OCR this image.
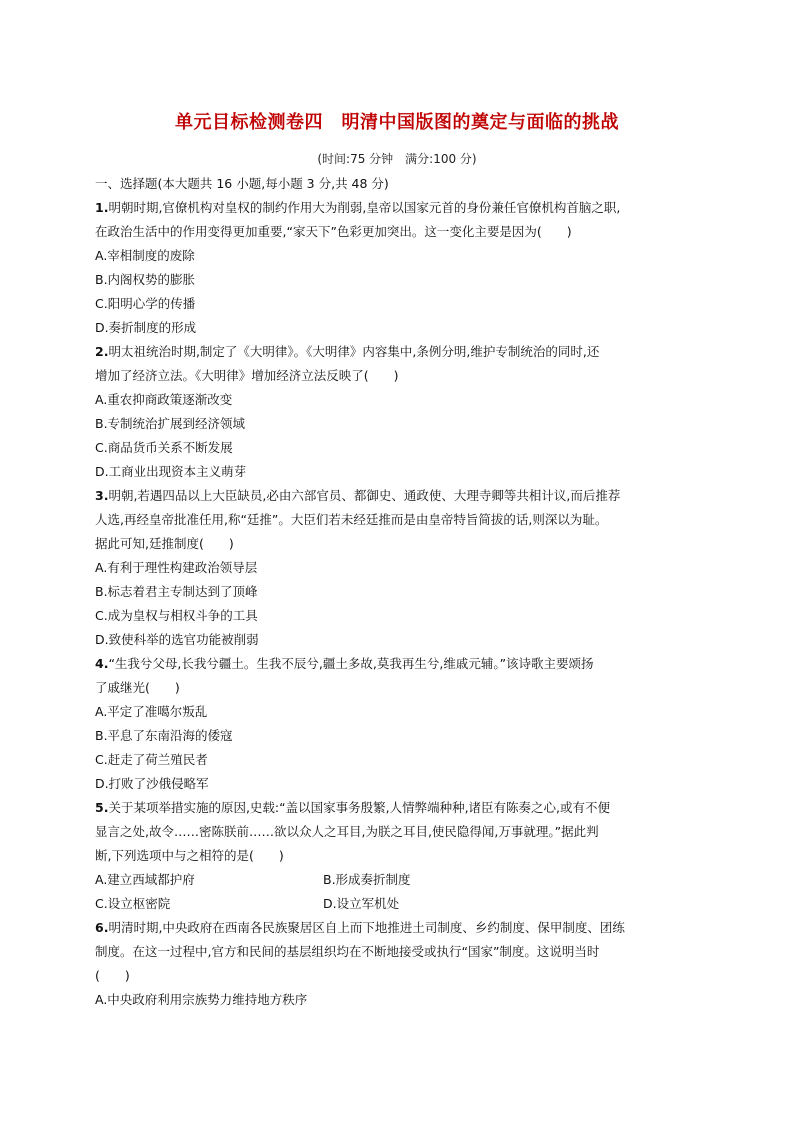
单元目标检测卷四　明清中国版图的奠定与面临的挑战
(时间:75 分钟　满分:100 分)
一、选择题(本大题共 16 小题,每小题 3 分,共 48 分)
1.明朝时期,官僚机构对皇权的制约作用大为削弱,皇帝以国家元首的身份兼任官僚机构首脑之职,
在政治生活中的作用变得更加重要,“家天下”色彩更加突出。这一变化主要是因为(　　)
A.宰相制度的废除
B.内阁权势的膨胀
C.阳明心学的传播
D.奏折制度的形成
2.明太祖统治时期,制定了《大明律》。《大明律》内容集中,条例分明,维护专制统治的同时,还
增加了经济立法。《大明律》增加经济立法反映了(　　)
A.重农抑商政策逐渐改变
B.专制统治扩展到经济领域
C.商品货币关系不断发展
D.工商业出现资本主义萌芽
3.明朝,若遇四品以上大臣缺员,必由六部官员、都御史、通政使、大理寺卿等共相计议,而后推荐
人选,再经皇帝批准任用,称“廷推”。大臣们若未经廷推而是由皇帝特旨简拔的话,则深以为耻。
据此可知,廷推制度(　　)
A.有利于理性构建政治领导层
B.标志着君主专制达到了顶峰
C.成为皇权与相权斗争的工具
D.致使科举的选官功能被削弱
4.“生我兮父母,长我兮疆土。生我不辰兮,疆土多故,莫我再生兮,维戚元辅。”该诗歌主要颂扬
了戚继光(　　)
A.平定了准噶尔叛乱
B.平息了东南沿海的倭寇
C.赶走了荷兰殖民者
D.打败了沙俄侵略军
5.关于某项举措实施的原因,史载:“盖以国家事务殷繁,人情弊端种种,诸臣有陈奏之心,或有不便
显言之处,故令……密陈朕前……欲以众人之耳目,为朕之耳目,使民隐得闻,万事就理。”据此判
断,下列选项中与之相符的是(　　)
A.建立西域都护府	B.形成奏折制度
C.设立枢密院	D.设立军机处
6.明清时期,中央政府在西南各民族聚居区自上而下地推进土司制度、乡约制度、保甲制度、团练
制度。在这一过程中,官方和民间的基层组织均在不断地接受或执行“国家”制度。这说明当时
(　　)
A.中央政府利用宗族势力维持地方秩序
